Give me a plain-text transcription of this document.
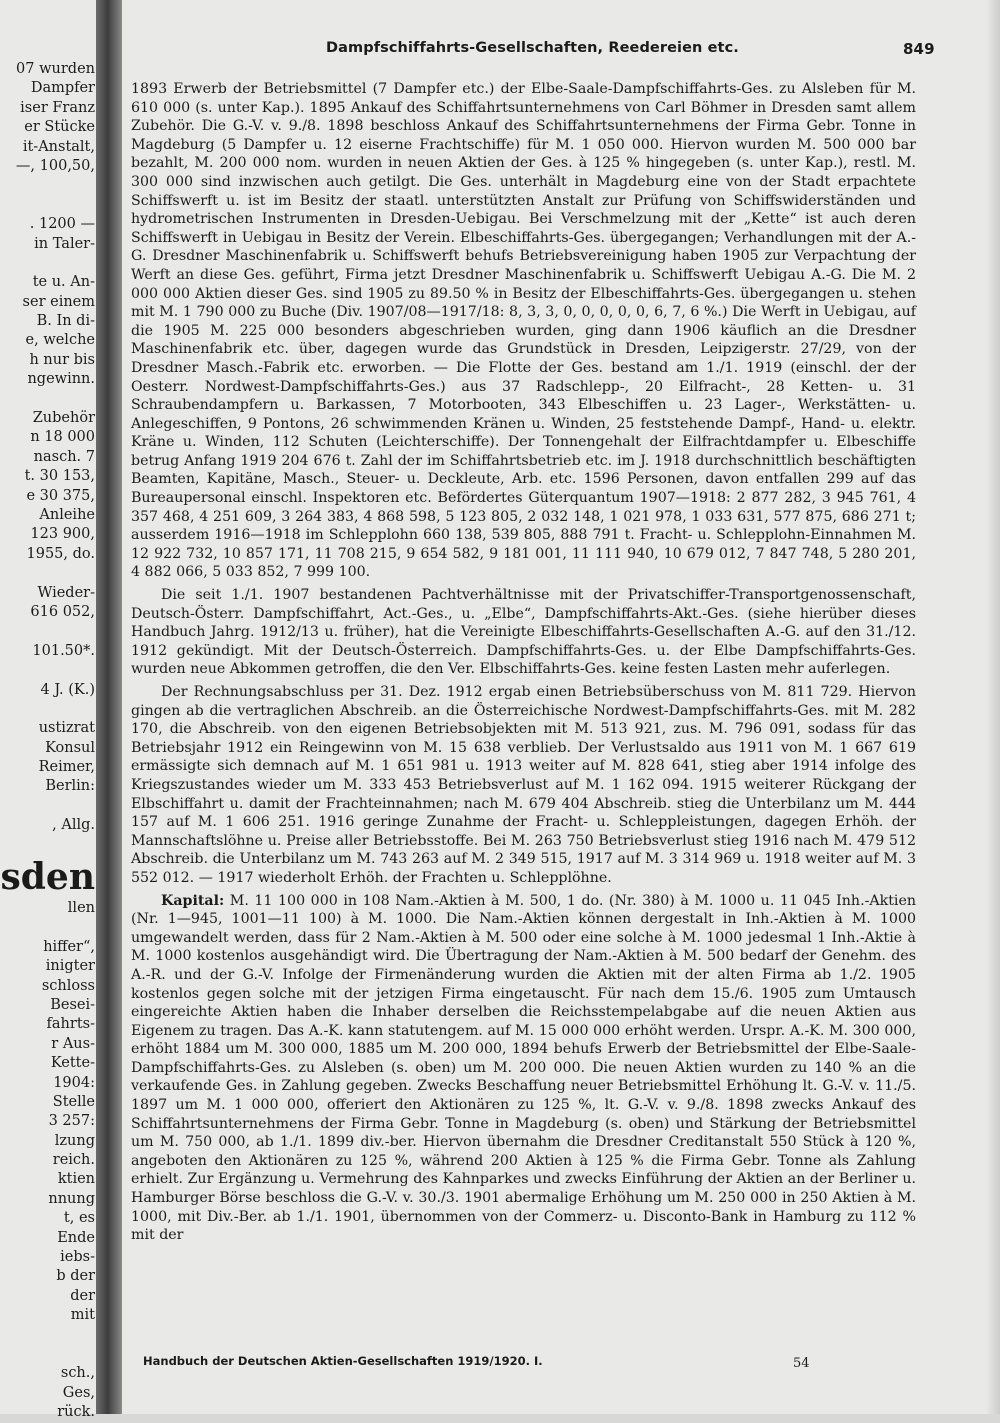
07 wurden
Dampfer
iser Franz
er Stücke
it-Anstalt,
—, 100,50,
. 1200 —
in Taler-
te u. An-
ser einem
B. In di-
e, welche
h nur bis
ngewinn.
Zubehör
n 18 000
nasch. 7
t. 30 153,
e 30 375,
Anleihe
123 900,
1955, do.
Wieder-
616 052,
101.50*.
4 J. (K.)
ustizrat
Konsul
Reimer,
Berlin:
, Allg.
sden
llen
hiffer“,
inigter
schloss
Besei-
fahrts-
r Aus-
Kette-
1904:
Stelle
3 257:
lzung
reich.
ktien
nnung
t, es
Ende
iebs-
b der
der
mit
sch.,
Ges,
rück.
Dampfschiffahrts-Gesellschaften, Reedereien etc.	849

1893 Erwerb der Betriebsmittel (7 Dampfer etc.) der Elbe-Saale-Dampfschiffahrts-Ges. zu Alsleben für M. 610 000 (s. unter Kap.). 1895 Ankauf des Schiffahrtsunternehmens von Carl Böhmer in Dresden samt allem Zubehör. Die G.-V. v. 9./8. 1898 beschloss Ankauf des Schiffahrtsunternehmens der Firma Gebr. Tonne in Magdeburg (5 Dampfer u. 12 eiserne Frachtschiffe) für M. 1 050 000. Hiervon wurden M. 500 000 bar bezahlt, M. 200 000 nom. wurden in neuen Aktien der Ges. à 125 % hingegeben (s. unter Kap.), restl. M. 300 000 sind inzwischen auch getilgt. Die Ges. unterhält in Magdeburg eine von der Stadt erpachtete Schiffswerft u. ist im Besitz der staatl. unterstützten Anstalt zur Prüfung von Schiffswiderständen und hydrometrischen Instrumenten in Dresden-Uebigau. Bei Verschmelzung mit der „Kette“ ist auch deren Schiffswerft in Uebigau in Besitz der Verein. Elbeschiffahrts-Ges. übergegangen; Verhandlungen mit der A.-G. Dresdner Maschinenfabrik u. Schiffswerft behufs Betriebsvereinigung haben 1905 zur Verpachtung der Werft an diese Ges. geführt, Firma jetzt Dresdner Maschinenfabrik u. Schiffswerft Uebigau A.-G. Die M. 2 000 000 Aktien dieser Ges. sind 1905 zu 89.50 % in Besitz der Elbeschiffahrts-Ges. übergegangen u. stehen mit M. 1 790 000 zu Buche (Div. 1907/08—1917/18: 8, 3, 3, 0, 0, 0, 0, 0, 6, 7, 6 %.) Die Werft in Uebigau, auf die 1905 M. 225 000 besonders abgeschrieben wurden, ging dann 1906 käuflich an die Dresdner Maschinenfabrik etc. über, dagegen wurde das Grundstück in Dresden, Leipzigerstr. 27/29, von der Dresdner Masch.-Fabrik etc. erworben. — Die Flotte der Ges. bestand am 1./1. 1919 (einschl. der der Oesterr. Nordwest-Dampfschiffahrts-Ges.) aus 37 Radschlepp-, 20 Eilfracht-, 28 Ketten- u. 31 Schraubendampfern u. Barkassen, 7 Motorbooten, 343 Elbeschiffen u. 23 Lager-, Werkstätten- u. Anlegeschiffen, 9 Pontons, 26 schwimmenden Kränen u. Winden, 25 feststehende Dampf-, Hand- u. elektr. Kräne u. Winden, 112 Schuten (Leichterschiffe). Der Tonnengehalt der Eilfrachtdampfer u. Elbeschiffe betrug Anfang 1919 204 676 t. Zahl der im Schiffahrtsbetrieb etc. im J. 1918 durchschnittlich beschäftigten Beamten, Kapitäne, Masch., Steuer- u. Deckleute, Arb. etc. 1596 Personen, davon entfallen 299 auf das Bureaupersonal einschl. Inspektoren etc. Befördertes Güterquantum 1907—1918: 2 877 282, 3 945 761, 4 357 468, 4 251 609, 3 264 383, 4 868 598, 5 123 805, 2 032 148, 1 021 978, 1 033 631, 577 875, 686 271 t; ausserdem 1916—1918 im Schlepplohn 660 138, 539 805, 888 791 t. Fracht- u. Schlepplohn-Einnahmen M. 12 922 732, 10 857 171, 11 708 215, 9 654 582, 9 181 001, 11 111 940, 10 679 012, 7 847 748, 5 280 201, 4 882 066, 5 033 852, 7 999 100.

Die seit 1./1. 1907 bestandenen Pachtverhältnisse mit der Privatschiffer-Transportgenossenschaft, Deutsch-Österr. Dampfschiffahrt, Act.-Ges., u. „Elbe“, Dampfschiffahrts-Akt.-Ges. (siehe hierüber dieses Handbuch Jahrg. 1912/13 u. früher), hat die Vereinigte Elbeschiffahrts-Gesellschaften A.-G. auf den 31./12. 1912 gekündigt. Mit der Deutsch-Österreich. Dampfschiffahrts-Ges. u. der Elbe Dampfschiffahrts-Ges. wurden neue Abkommen getroffen, die den Ver. Elbschiffahrts-Ges. keine festen Lasten mehr auferlegen.

Der Rechnungsabschluss per 31. Dez. 1912 ergab einen Betriebsüberschuss von M. 811 729. Hiervon gingen ab die vertraglichen Abschreib. an die Österreichische Nordwest-Dampfschiffahrts-Ges. mit M. 282 170, die Abschreib. von den eigenen Betriebsobjekten mit M. 513 921, zus. M. 796 091, sodass für das Betriebsjahr 1912 ein Reingewinn von M. 15 638 verblieb. Der Verlustsaldo aus 1911 von M. 1 667 619 ermässigte sich demnach auf M. 1 651 981 u. 1913 weiter auf M. 828 641, stieg aber 1914 infolge des Kriegszustandes wieder um M. 333 453 Betriebsverlust auf M. 1 162 094. 1915 weiterer Rückgang der Elbschiffahrt u. damit der Frachteinnahmen; nach M. 679 404 Abschreib. stieg die Unterbilanz um M. 444 157 auf M. 1 606 251. 1916 geringe Zunahme der Fracht- u. Schleppleistungen, dagegen Erhöh. der Mannschaftslöhne u. Preise aller Betriebsstoffe. Bei M. 263 750 Betriebsverlust stieg 1916 nach M. 479 512 Abschreib. die Unterbilanz um M. 743 263 auf M. 2 349 515, 1917 auf M. 3 314 969 u. 1918 weiter auf M. 3 552 012. — 1917 wiederholt Erhöh. der Frachten u. Schlepplöhne.

Kapital: M. 11 100 000 in 108 Nam.-Aktien à M. 500, 1 do. (Nr. 380) à M. 1000 u. 11 045 Inh.-Aktien (Nr. 1—945, 1001—11 100) à M. 1000. Die Nam.-Aktien können dergestalt in Inh.-Aktien à M. 1000 umgewandelt werden, dass für 2 Nam.-Aktien à M. 500 oder eine solche à M. 1000 jedesmal 1 Inh.-Aktie à M. 1000 kostenlos ausgehändigt wird. Die Übertragung der Nam.-Aktien à M. 500 bedarf der Genehm. des A.-R. und der G.-V. Infolge der Firmenänderung wurden die Aktien mit der alten Firma ab 1./2. 1905 kostenlos gegen solche mit der jetzigen Firma eingetauscht. Für nach dem 15./6. 1905 zum Umtausch eingereichte Aktien haben die Inhaber derselben die Reichsstempelabgabe auf die neuen Aktien aus Eigenem zu tragen. Das A.-K. kann statutengem. auf M. 15 000 000 erhöht werden. Urspr. A.-K. M. 300 000, erhöht 1884 um M. 300 000, 1885 um M. 200 000, 1894 behufs Erwerb der Betriebsmittel der Elbe-Saale-Dampfschiffahrts-Ges. zu Alsleben (s. oben) um M. 200 000. Die neuen Aktien wurden zu 140 % an die verkaufende Ges. in Zahlung gegeben. Zwecks Beschaffung neuer Betriebsmittel Erhöhung lt. G.-V. v. 11./5. 1897 um M. 1 000 000, offeriert den Aktionären zu 125 %, lt. G.-V. v. 9./8. 1898 zwecks Ankauf des Schiffahrtsunternehmens der Firma Gebr. Tonne in Magdeburg (s. oben) und Stärkung der Betriebsmittel um M. 750 000, ab 1./1. 1899 div.-ber. Hiervon übernahm die Dresdner Creditanstalt 550 Stück à 120 %, angeboten den Aktionären zu 125 %, während 200 Aktien à 125 % die Firma Gebr. Tonne als Zahlung erhielt. Zur Ergänzung u. Vermehrung des Kahnparkes und zwecks Einführung der Aktien an der Berliner u. Hamburger Börse beschloss die G.-V. v. 30./3. 1901 abermalige Erhöhung um M. 250 000 in 250 Aktien à M. 1000, mit Div.-Ber. ab 1./1. 1901, übernommen von der Commerz- u. Disconto-Bank in Hamburg zu 112 % mit der

Handbuch der Deutschen Aktien-Gesellschaften 1919/1920. I.	54
